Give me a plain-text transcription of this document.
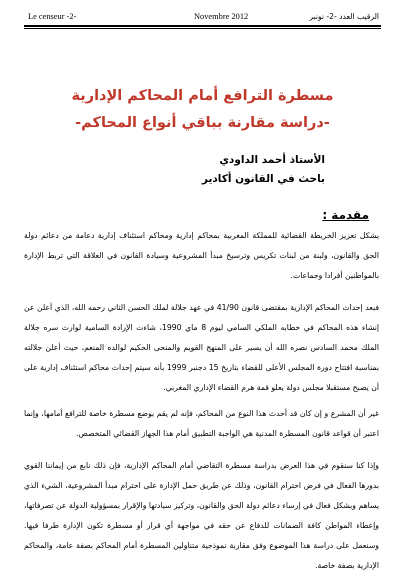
Le censeur -2-	Novembre 2012	الرقيب العدد -2- نونبر
مسطرة الترافع أمام المحاكم الإدارية
-دراسة مقارنة بباقي أنواع المحاكم-
الأستاذ أحمد الداودي
باحث في القانون أكادير
مقدمة :
يشكل تعزيز الخريطة القضائية للمملكة المغربية بمحاكم إدارية ومحاكم استئناف إدارية دعامة من دعائم دولة الحق والقانون، ولبنة من لبنات تكريس وترسيخ مبدأ المشروعية وسيادة القانون في العلاقة التي تربط الإدارة بالمواطنين أفرادا وجماعات.
فبعد إحداث المحاكم الإدارية بمقتضى قانون 41/90 في عهد جلالة لملك الحسن الثاني رحمه الله، الذي أعلن عن إنشاء هذه المحاكم في خطابه الملكي السامي ليوم 8 ماي 1990، شاءت الإرادة السامية لوارث سره جلالة الملك محمد السادس نصره الله أن يسير على المنهج القويم والمنحى الحكيم لوالده المنعم، حيث أعلن جلالته بمناسبة افتتاح دورة المجلس الأعلى للقضاء بتاريخ 15 دجنبر 1999 بأنه سيتم إحداث محاكم استئناف إدارية على أن يصبح مستقبلا مجلس دولة يعلو قمة هرم القضاء الإداري المغربي.
غير أن المشرع و إن كان قد أحدث هذا النوع من المحاكم، فإنه لم يقم بوضع مسطرة خاصة للترافع أمامها، وإنما اعتبر أن قواعد قانون المسطرة المدنية هي الواجبة التطبيق أمام هذا الجهاز القضائي المتخصص.
وإذا كنا سنقوم في هذا العرض بدراسة مسطرة التقاضي أمام المحاكم الإدارية، فإن ذلك نابع من إيماننا القوي بدورها الفعال في فرض احترام القانون، وذلك عن طريق حمل الإدارة على احترام مبدأ المشروعية، الشيء الذي يساهم وبشكل فعال في إرساء دعائم دولة الحق والقانون، وتركيز سيادتها والإقرار بمسؤولية الدولة عن تصرفاتها، وإعطاء المواطن كافة الضمانات للدفاع عن حقه في مواجهة أي قرار أو مسطرة تكون الإدارة طرفا فيها. وسنعمل على دراسة هذا الموضوع وفق مقاربة نموذجية متناولين المسطرة أمام المحاكم بصفة عامة، والمحاكم الإدارية بصفة خاصة.
